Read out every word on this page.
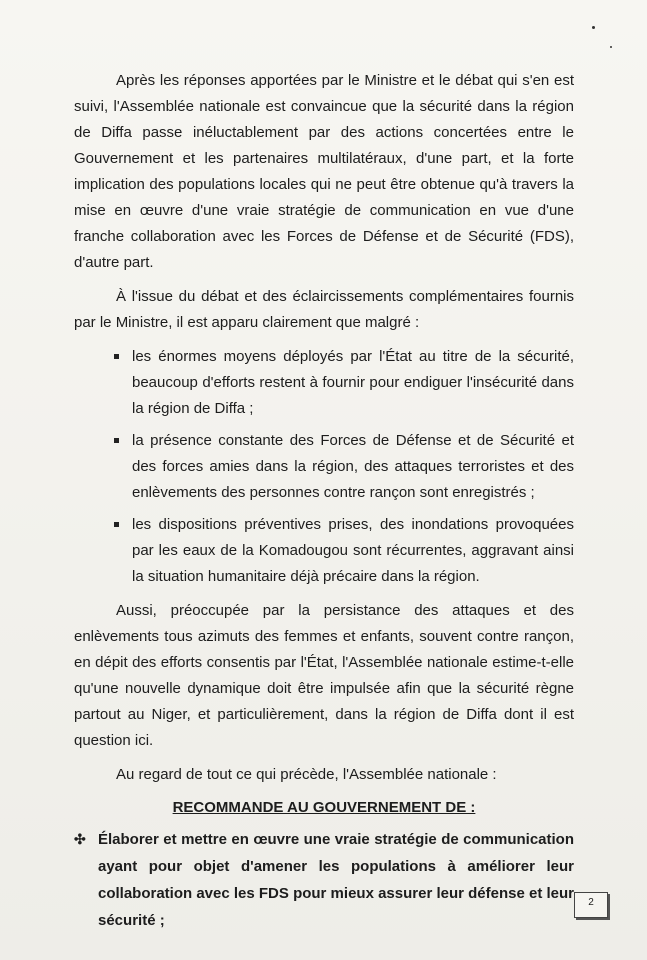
Après les réponses apportées par le Ministre et le débat qui s'en est suivi, l'Assemblée nationale est convaincue que la sécurité dans la région de Diffa passe inéluctablement par des actions concertées entre le Gouvernement et les partenaires multilatéraux, d'une part, et la forte implication des populations locales qui ne peut être obtenue qu'à travers la mise en œuvre d'une vraie stratégie de communication en vue d'une franche collaboration avec les Forces de Défense et de Sécurité (FDS), d'autre part.

À l'issue du débat et des éclaircissements complémentaires fournis par le Ministre, il est apparu clairement que malgré :

les énormes moyens déployés par l'État au titre de la sécurité, beaucoup d'efforts restent à fournir pour endiguer l'insécurité dans la région de Diffa ;
la présence constante des Forces de Défense et de Sécurité et des forces amies dans la région, des attaques terroristes et des enlèvements des personnes contre rançon sont enregistrés ;
les dispositions préventives prises, des inondations provoquées par les eaux de la Komadougou sont récurrentes, aggravant ainsi la situation humanitaire déjà précaire dans la région.

Aussi, préoccupée par la persistance des attaques et des enlèvements tous azimuts des femmes et enfants, souvent contre rançon, en dépit des efforts consentis par l'État, l'Assemblée nationale estime-t-elle qu'une nouvelle dynamique doit être impulsée afin que la sécurité règne partout au Niger, et particulièrement, dans la région de Diffa dont il est question ici.

Au regard de tout ce qui précède, l'Assemblée nationale :

RECOMMANDE AU GOUVERNEMENT DE :
✣ Élaborer et mettre en œuvre une vraie stratégie de communication ayant pour objet d'amener les populations à améliorer leur collaboration avec les FDS pour mieux assurer leur défense et leur sécurité ;
2
